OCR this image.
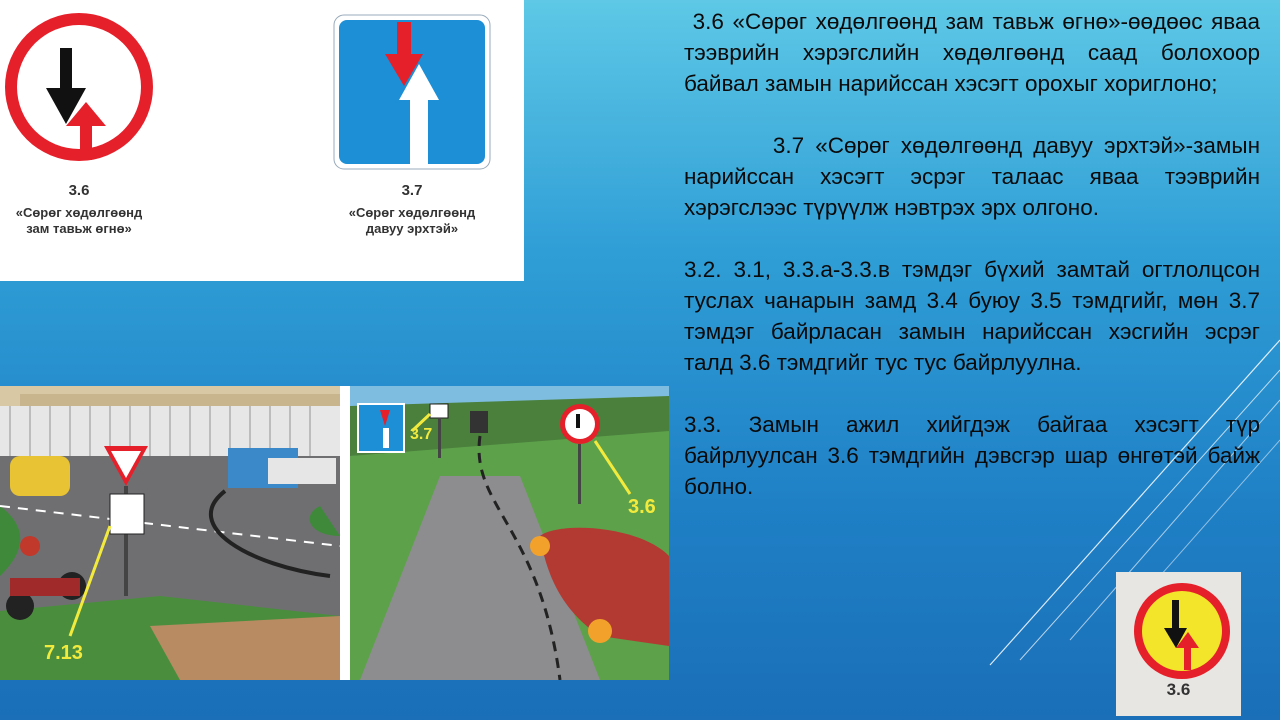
3.6
«Сөрөг хөдөлгөөнд
зам тавьж өгнө»
3.7
«Сөрөг хөдөлгөөнд
давуу эрхтэй»

3.6 «Сөрөг хөдөлгөөнд зам тавьж өгнө»-өөдөөс яваа тээврийн хэрэгслийн хөдөлгөөнд саад болохоор байвал замын нарийссан хэсэгт орохыг хориглоно;

3.7 «Сөрөг хөдөлгөөнд давуу эрхтэй»-замын нарийссан хэсэгт эсрэг талаас яваа тээврийн хэрэгслээс түрүүлж нэвтрэх эрх олгоно.

3.2. 3.1, 3.3.а-3.3.в тэмдэг бүхий замтай огтлолцсон туслах чанарын замд 3.4 буюу 3.5 тэмдгийг, мөн 3.7 тэмдэг байрласан замын нарийссан хэсгийн эсрэг талд 3.6 тэмдгийг тус тус байрлуулна.

3.3. Замын ажил хийгдэж байгаа хэсэгт түр байрлуулсан 3.6 тэмдгийн дэвсгэр шар өнгөтэй байж болно.

7.13
3.7
3.6
3.6
